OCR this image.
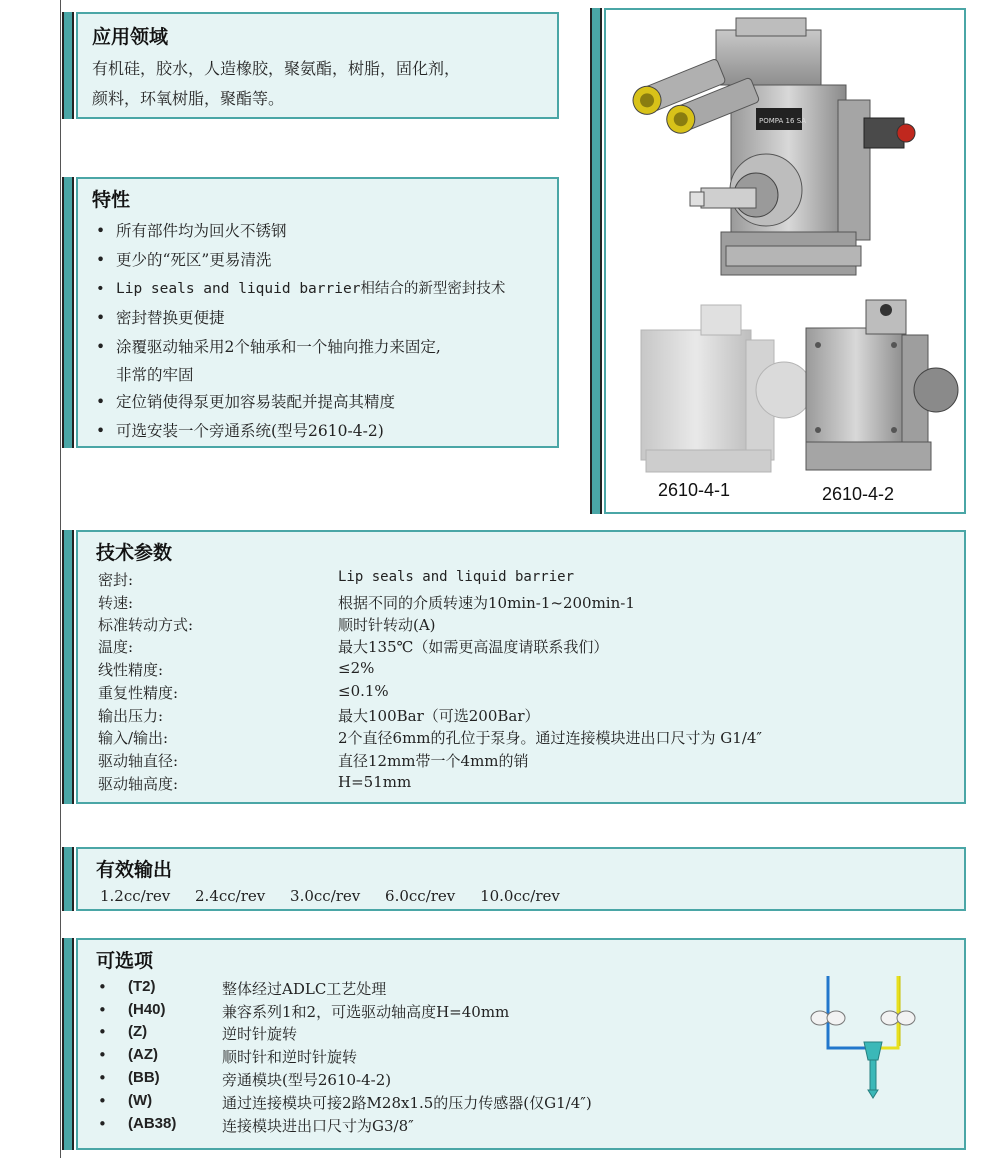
应用领域
有机硅，胶水，人造橡胶，聚氨酯，树脂，固化剂，
颜料，环氧树脂，聚酯等。
特性
• 所有部件均为回火不锈钢
• 更少的“死区”更易清洗
• Lip seals and liquid barrier相结合的新型密封技术
• 密封替换更便捷
• 涂覆驱动轴采用2个轴承和一个轴向推力来固定,
非常的牢固
• 定位销使得泵更加容易装配并提高其精度
• 可选安装一个旁通系统(型号2610-4-2)
POMPA 16 SA
2610-4-1	2610-4-2
技术参数
密封:	Lip seals and liquid barrier
转速:	根据不同的介质转速为10min-1~200min-1
标准转动方式:	顺时针转动(A)
温度:	最大135℃（如需更高温度请联系我们）
线性精度:	≤2%
重复性精度:	≤0.1%
输出压力:	最大100Bar（可选200Bar）
输入/输出:	2个直径6mm的孔位于泵身。通过连接模块进出口尺寸为 G1/4″
驱动轴直径:	直径12mm带一个4mm的销
驱动轴高度:	H=51mm
有效输出
1.2cc/rev 2.4cc/rev 3.0cc/rev 6.0cc/rev 10.0cc/rev
可选项
• (T2)	整体经过ADLC工艺处理
• (H40)	兼容系列1和2，可选驱动轴高度H=40mm
• (Z)	逆时针旋转
• (AZ)	顺时针和逆时针旋转
• (BB)	旁通模块(型号2610-4-2)
• (W)	通过连接模块可接2路M28x1.5的压力传感器(仅G1/4″)
• (AB38)	连接模块进出口尺寸为G3/8″
